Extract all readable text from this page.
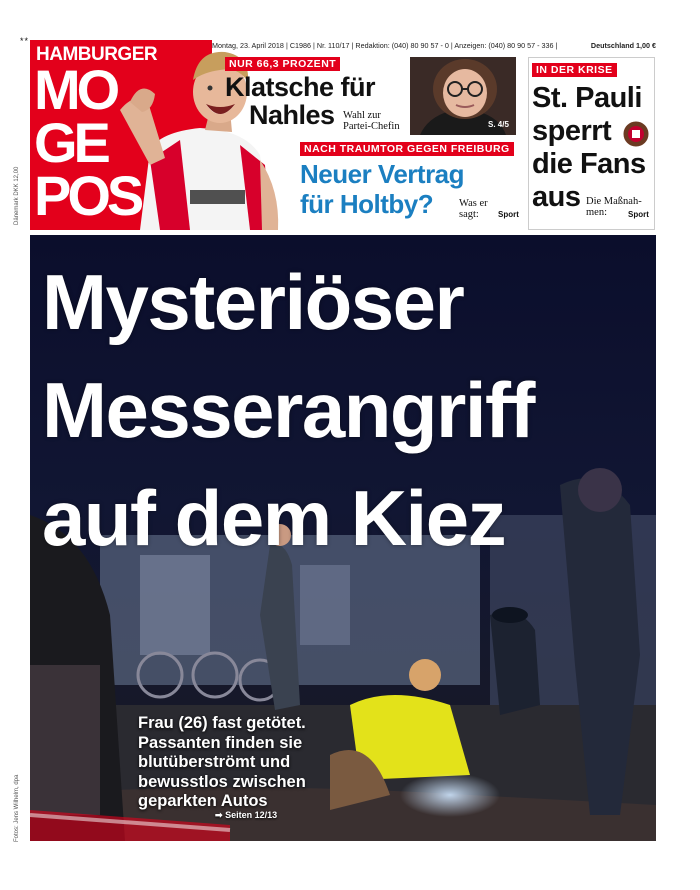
**
Dänemark DKK 12,00
Fotos: Jens Wilhelm, dpa
HAMBURGER
MO
GE
POS
Montag, 23. April 2018 | C1986 | Nr. 110/17 | Redaktion: (040) 80 90 57 - 0 | Anzeigen: (040) 80 90 57 - 336 |	Deutschland 1,00 €
NUR 66,3 PROZENT
Klatsche für
Nahles Wahl zur
Partei-Chefin	S. 4/5
NACH TRAUMTOR GEGEN FREIBURG
Neuer Vertrag
für Holtby? Was er
sagt:	Sport
IN DER KRISE
St. Pauli
sperrt
die Fans
aus Die Maßnah-
men:	Sport
Mysteriöser
Messerangriff
auf dem Kiez
Frau (26) fast getötet.
Passanten finden sie
blutüberströmt und
bewusstlos zwischen
geparkten Autos
➡ Seiten 12/13
